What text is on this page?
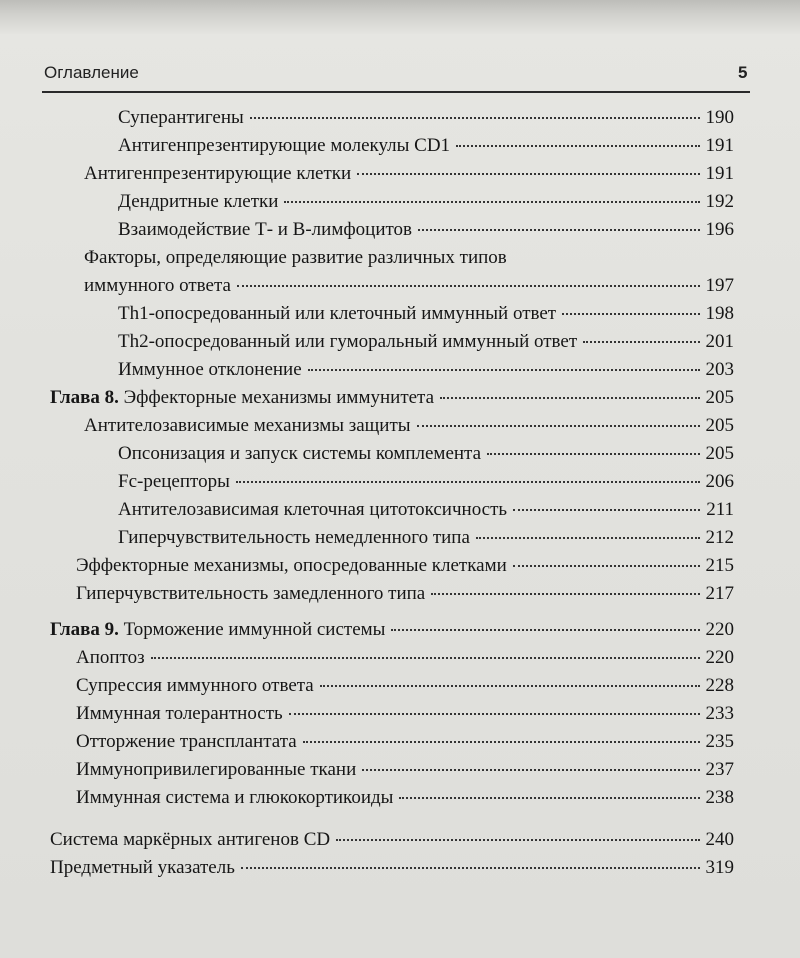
Оглавление	5
Суперантигены	190
Антигенпрезентирующие молекулы CD1	191
Антигенпрезентирующие клетки	191
Дендритные клетки	192
Взаимодействие Т- и В-лимфоцитов	196
Факторы, определяющие развитие различных типов
иммунного ответа	197
Th1-опосредованный или клеточный иммунный ответ	198
Th2-опосредованный или гуморальный иммунный ответ	201
Иммунное отклонение	203
Глава 8. Эффекторные механизмы иммунитета	205
Антителозависимые механизмы защиты	205
Опсонизация и запуск системы комплемента	205
Fc-рецепторы	206
Антителозависимая клеточная цитотоксичность	211
Гиперчувствительность немедленного типа	212
Эффекторные механизмы, опосредованные клетками	215
Гиперчувствительность замедленного типа	217
Глава 9. Торможение иммунной системы	220
Апоптоз	220
Супрессия иммунного ответа	228
Иммунная толерантность	233
Отторжение трансплантата	235
Иммунопривилегированные ткани	237
Иммунная система и глюкокортикоиды	238
Система маркёрных антигенов CD	240
Предметный указатель	319
